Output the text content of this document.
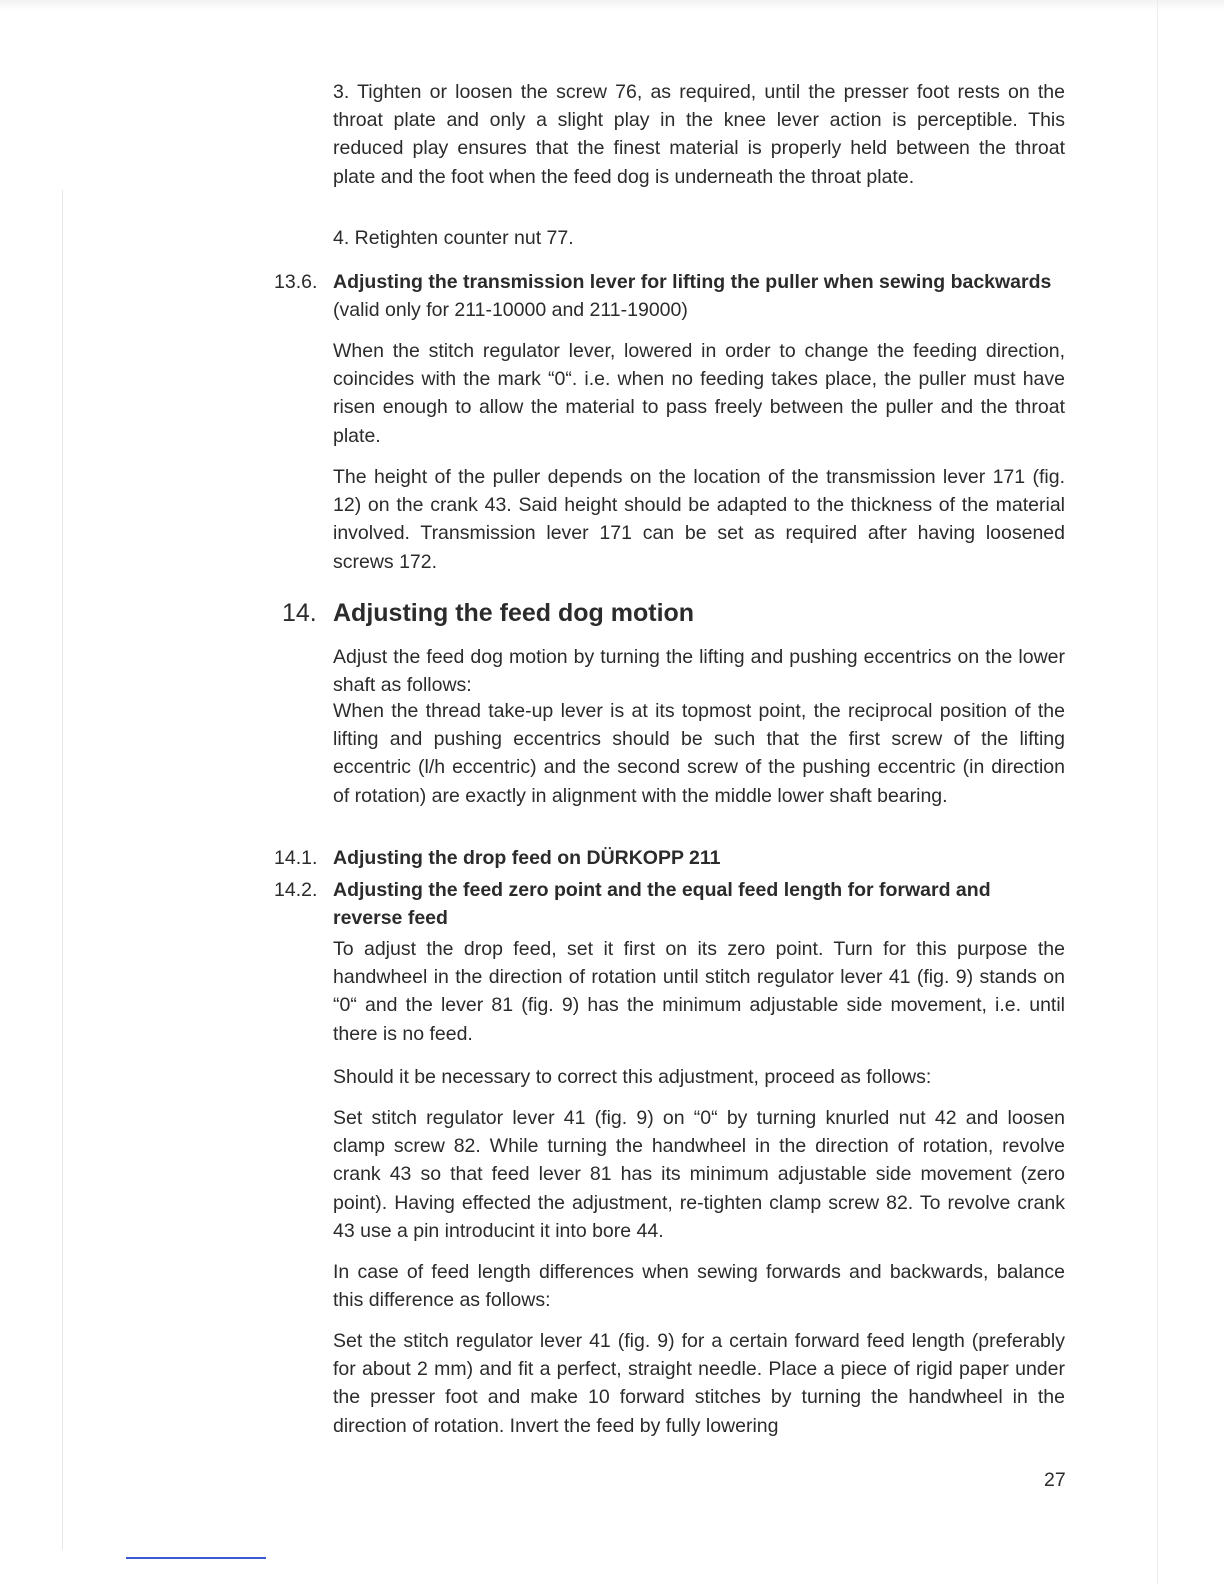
3. Tighten or loosen the screw 76, as required, until the presser foot rests on the throat plate and only a slight play in the knee lever action is perceptible. This reduced play ensures that the finest material is properly held between the throat plate and the foot when the feed dog is underneath the throat plate.

4. Retighten counter nut 77.

13.6. Adjusting the transmission lever for lifting the puller when sewing backwards (valid only for 211-10000 and 211-19000)

When the stitch regulator lever, lowered in order to change the feeding direction, coincides with the mark “0“. i.e. when no feeding takes place, the puller must have risen enough to allow the material to pass freely between the puller and the throat plate.

The height of the puller depends on the location of the transmission lever 171 (fig. 12) on the crank 43. Said height should be adapted to the thickness of the material involved. Transmission lever 171 can be set as required after having loosened screws 172.

14. Adjusting the feed dog motion

Adjust the feed dog motion by turning the lifting and pushing eccentrics on the lower shaft as follows:

When the thread take-up lever is at its topmost point, the reciprocal position of the lifting and pushing eccentrics should be such that the first screw of the lifting eccentric (l/h eccentric) and the second screw of the pushing eccentric (in direction of rotation) are exactly in alignment with the middle lower shaft bearing.

14.1. Adjusting the drop feed on DÜRKOPP 211

14.2. Adjusting the feed zero point and the equal feed length for forward and reverse feed

To adjust the drop feed, set it first on its zero point. Turn for this purpose the handwheel in the direction of rotation until stitch regulator lever 41 (fig. 9) stands on “0“ and the lever 81 (fig. 9) has the minimum adjustable side movement, i.e. until there is no feed.

Should it be necessary to correct this adjustment, proceed as follows:

Set stitch regulator lever 41 (fig. 9) on “0“ by turning knurled nut 42 and loosen clamp screw 82. While turning the handwheel in the direction of rotation, revolve crank 43 so that feed lever 81 has its minimum adjustable side movement (zero point). Having effected the adjustment, re-tighten clamp screw 82. To revolve crank 43 use a pin introducint it into bore 44.

In case of feed length differences when sewing forwards and backwards, balance this difference as follows:

Set the stitch regulator lever 41 (fig. 9) for a certain forward feed length (preferably for about 2 mm) and fit a perfect, straight needle. Place a piece of rigid paper under the presser foot and make 10 forward stitches by turning the handwheel in the direction of rotation. Invert the feed by fully lowering

27
